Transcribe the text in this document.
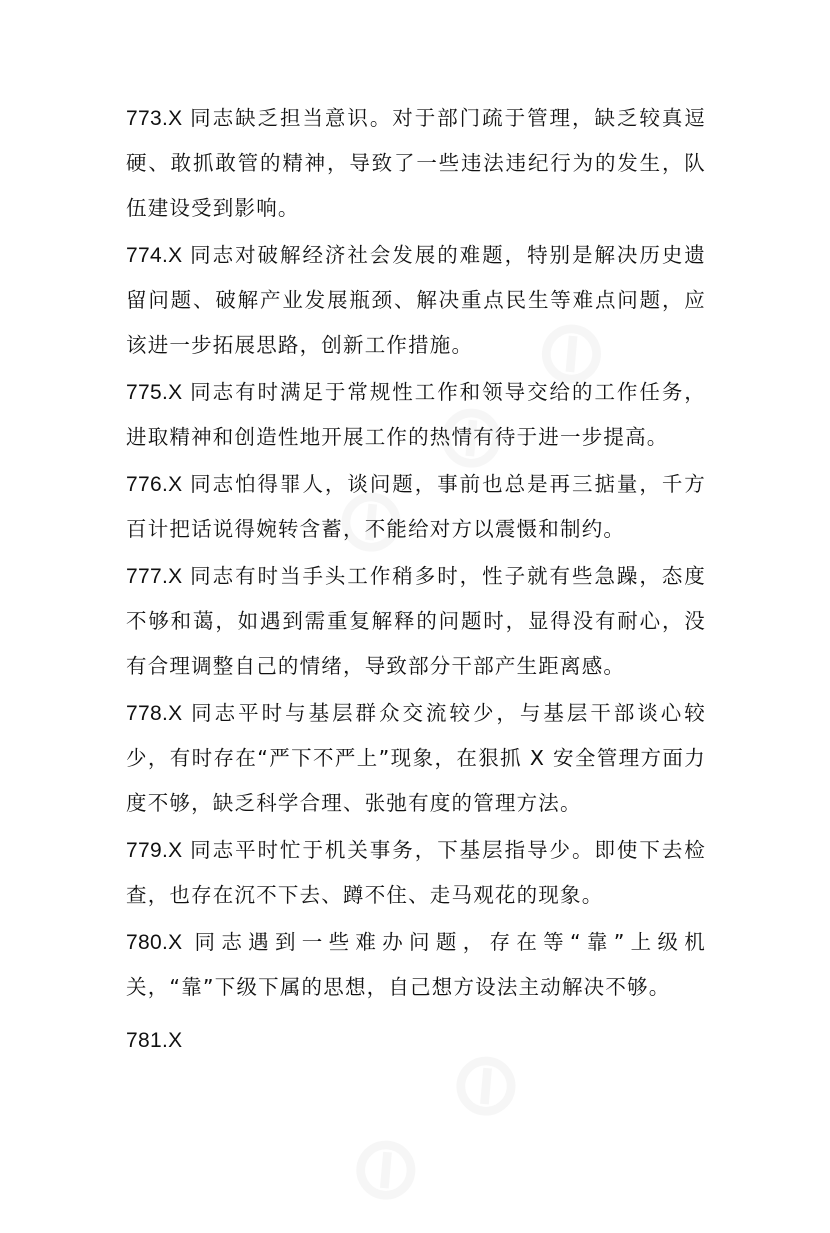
773.X 同志缺乏担当意识。对于部门疏于管理，缺乏较真逗硬、敢抓敢管的精神，导致了一些违法违纪行为的发生，队伍建设受到影响。

774.X 同志对破解经济社会发展的难题，特别是解决历史遗留问题、破解产业发展瓶颈、解决重点民生等难点问题，应该进一步拓展思路，创新工作措施。

775.X 同志有时满足于常规性工作和领导交给的工作任务，进取精神和创造性地开展工作的热情有待于进一步提高。

776.X 同志怕得罪人，谈问题，事前也总是再三掂量，千方百计把话说得婉转含蓄，不能给对方以震慑和制约。

777.X 同志有时当手头工作稍多时，性子就有些急躁，态度不够和蔼，如遇到需重复解释的问题时，显得没有耐心，没有合理调整自己的情绪，导致部分干部产生距离感。

778.X 同志平时与基层群众交流较少，与基层干部谈心较少，有时存在“严下不严上”现象，在狠抓 X 安全管理方面力度不够，缺乏科学合理、张弛有度的管理方法。

779.X 同志平时忙于机关事务，下基层指导少。即使下去检查，也存在沉不下去、蹲不住、走马观花的现象。

780.X 同志遇到一些难办问题，存在等“靠”上级机关，“靠”下级下属的思想，自己想方设法主动解决不够。

781.X
